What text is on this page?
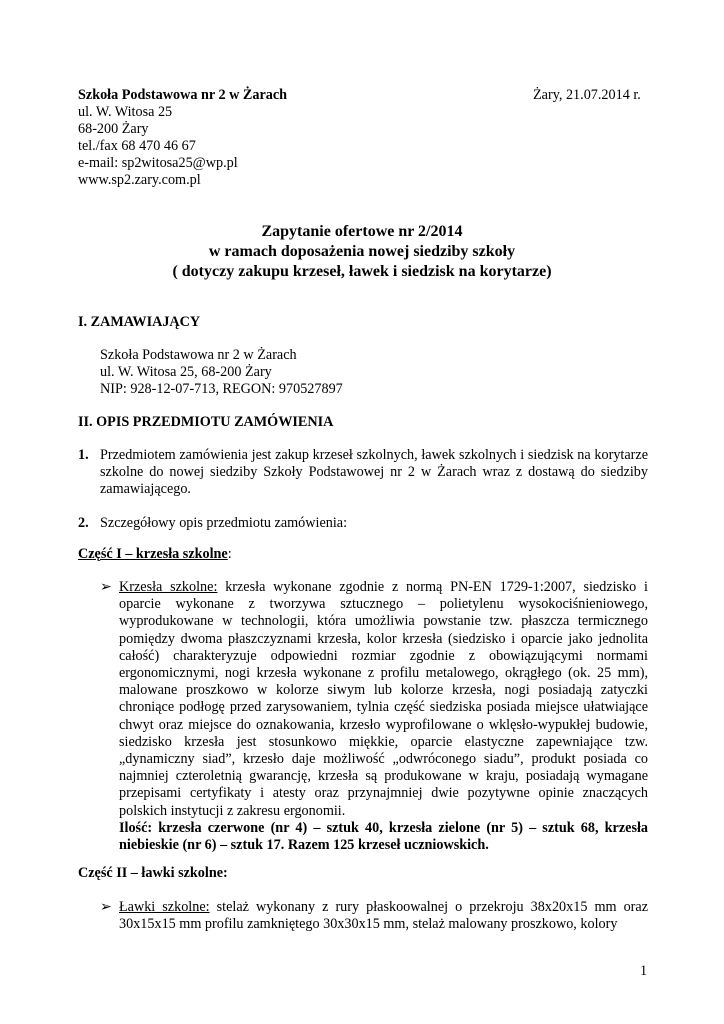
Szkoła Podstawowa nr 2 w Żarach	Żary, 21.07.2014 r.
ul. W. Witosa 25
68-200 Żary
tel./fax 68 470 46 67
e-mail: sp2witosa25@wp.pl
www.sp2.zary.com.pl
Zapytanie ofertowe nr 2/2014
w ramach doposażenia nowej siedziby szkoły
( dotyczy zakupu krzeseł, ławek i siedzisk na korytarze)
I. ZAMAWIAJĄCY
Szkoła Podstawowa nr 2 w Żarach
ul. W. Witosa 25, 68-200 Żary
NIP: 928-12-07-713, REGON: 970527897
II. OPIS PRZEDMIOTU ZAMÓWIENIA
1. Przedmiotem zamówienia jest zakup krzeseł szkolnych, ławek szkolnych i siedzisk na korytarze szkolne do nowej siedziby Szkoły Podstawowej nr 2 w Żarach wraz z dostawą do siedziby zamawiającego.
2. Szczegółowy opis przedmiotu zamówienia:
Część I – krzesła szkolne:
➢ Krzesła szkolne: krzesła wykonane zgodnie z normą PN-EN 1729-1:2007, siedzisko i oparcie wykonane z tworzywa sztucznego – polietylenu wysokociśnieniowego, wyprodukowane w technologii, która umożliwia powstanie tzw. płaszcza termicznego pomiędzy dwoma płaszczyznami krzesła, kolor krzesła (siedzisko i oparcie jako jednolita całość) charakteryzuje odpowiedni rozmiar zgodnie z obowiązującymi normami ergonomicznymi, nogi krzesła wykonane z profilu metalowego, okrągłego (ok. 25 mm), malowane proszkowo w kolorze siwym lub kolorze krzesła, nogi posiadają zatyczki chroniące podłogę przed zarysowaniem, tylnia część siedziska posiada miejsce ułatwiające chwyt oraz miejsce do oznakowania, krzesło wyprofilowane o wklęsło-wypukłej budowie, siedzisko krzesła jest stosunkowo miękkie, oparcie elastyczne zapewniające tzw. „dynamiczny siad”, krzesło daje możliwość „odwróconego siadu”, produkt posiada co najmniej czteroletnią gwarancję, krzesła są produkowane w kraju, posiadają wymagane przepisami certyfikaty i atesty oraz przynajmniej dwie pozytywne opinie znaczących polskich instytucji z zakresu ergonomii.
Ilość: krzesła czerwone (nr 4) – sztuk 40, krzesła zielone (nr 5) – sztuk 68, krzesła niebieskie (nr 6) – sztuk 17. Razem 125 krzeseł uczniowskich.
Część II – ławki szkolne:
➢ Ławki szkolne: stelaż wykonany z rury płaskoowalnej o przekroju 38x20x15 mm oraz 30x15x15 mm profilu zamkniętego 30x30x15 mm, stelaż malowany proszkowo, kolory
1
